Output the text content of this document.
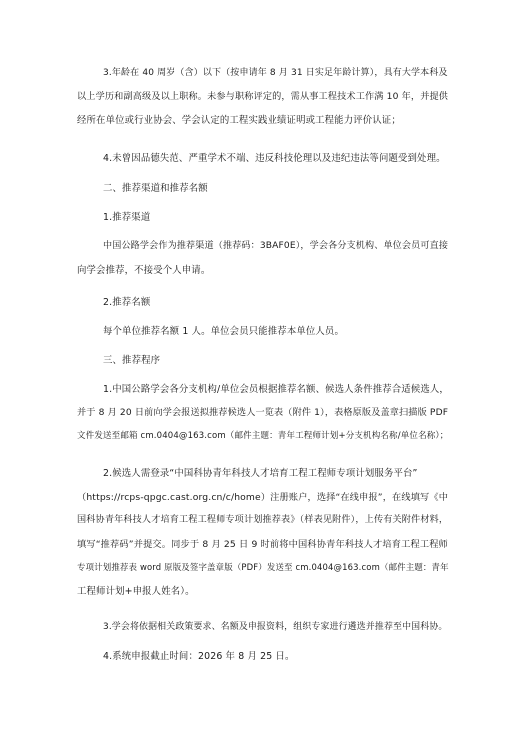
3.年龄在 40 周岁（含）以下（按申请年 8 月 31 日实足年龄计算），具有大学本科及
以上学历和副高级及以上职称。未参与职称评定的，需从事工程技术工作满 10 年，并提供
经所在单位或行业协会、学会认定的工程实践业绩证明或工程能力评价认证；
4.未曾因品德失范、严重学术不端、违反科技伦理以及违纪违法等问题受到处理。
二、推荐渠道和推荐名额
1.推荐渠道
中国公路学会作为推荐渠道（推荐码：3BAF0E），学会各分支机构、单位会员可直接
向学会推荐，不接受个人申请。
2.推荐名额
每个单位推荐名额 1 人。单位会员只能推荐本单位人员。
三、推荐程序
1.中国公路学会各分支机构/单位会员根据推荐名额、候选人条件推荐合适候选人，
并于 8 月 20 日前向学会报送拟推荐候选人一览表（附件 1），表格原版及盖章扫描版 PDF
文件发送至邮箱 cm.0404@163.com（邮件主题：青年工程师计划+分支机构名称/单位名称）；
2.候选人需登录“中国科协青年科技人才培育工程工程师专项计划服务平台”
（https://rcps-qpgc.cast.org.cn/c/home）注册账户，选择“在线申报”，在线填写《中
国科协青年科技人才培育工程工程师专项计划推荐表》（样表见附件），上传有关附件材料，
填写“推荐码”并提交。同步于 8 月 25 日 9 时前将中国科协青年科技人才培育工程工程师
专项计划推荐表 word 原版及签字盖章版（PDF）发送至 cm.0404@163.com（邮件主题：青年
工程师计划+申报人姓名）。
3.学会将依据相关政策要求、名额及申报资料，组织专家进行遴选并推荐至中国科协。
4.系统申报截止时间：2026 年 8 月 25 日。
